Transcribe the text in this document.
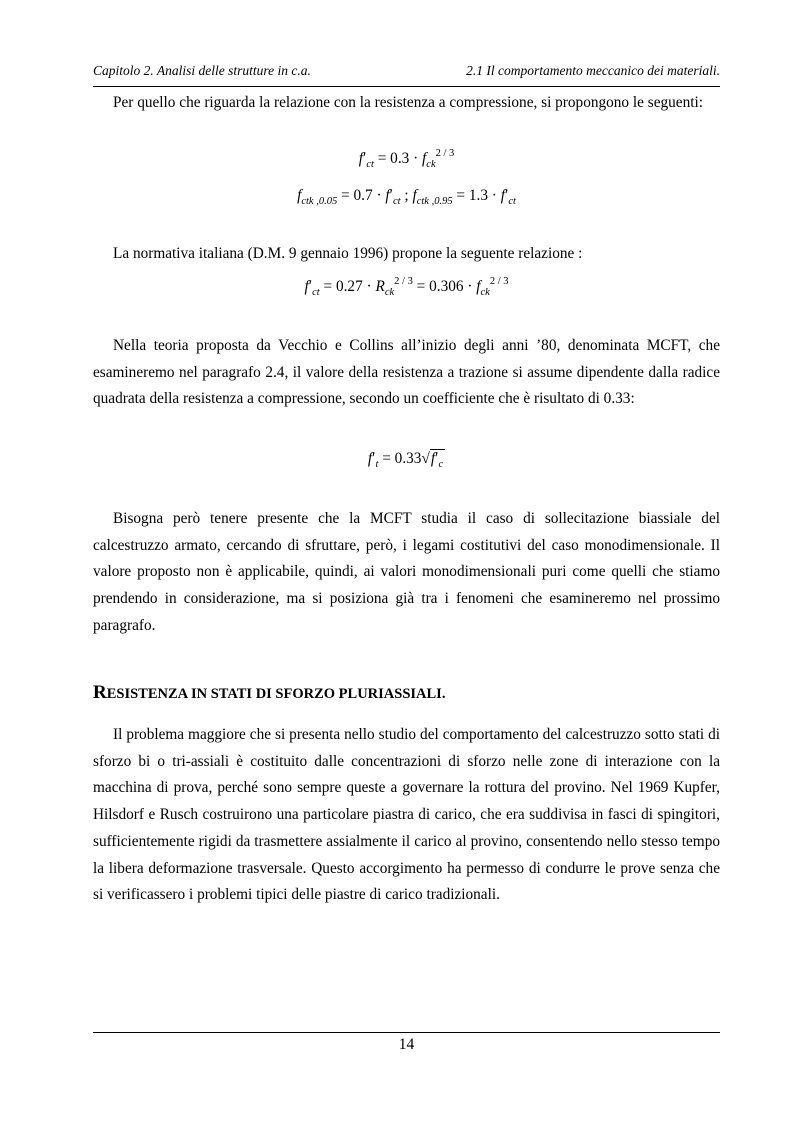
Capitolo 2. Analisi delle strutture in c.a.	2.1 Il comportamento meccanico dei materiali.

Per quello che riguarda la relazione con la resistenza a compressione, si propongono le seguenti:

$f'_{ct} = 0.3 \cdot f_{ck}^{2 / 3}$
$f_{ctk ,0.05} = 0.7 \cdot f'_{ct}$ ; $f_{ctk ,0.95} = 1.3 \cdot f'_{ct}$

La normativa italiana (D.M. 9 gennaio 1996) propone la seguente relazione :

$f'_{ct} = 0.27 \cdot R_{ck}^{2 / 3} = 0.306 \cdot f_{ck}^{2 / 3}$

Nella teoria proposta da Vecchio e Collins all’inizio degli anni ’80, denominata MCFT, che esamineremo nel paragrafo 2.4, il valore della resistenza a trazione si assume dipendente dalla radice quadrata della resistenza a compressione, secondo un coefficiente che è risultato di 0.33:

$f'_t = 0.33√f'_c$

Bisogna però tenere presente che la MCFT studia il caso di sollecitazione biassiale del calcestruzzo armato, cercando di sfruttare, però, i legami costitutivi del caso monodimensionale. Il valore proposto non è applicabile, quindi, ai valori monodimensionali puri come quelli che stiamo prendendo in considerazione, ma si posiziona già tra i fenomeni che esamineremo nel prossimo paragrafo.

RESISTENZA IN STATI DI SFORZO PLURIASSIALI.

Il problema maggiore che si presenta nello studio del comportamento del calcestruzzo sotto stati di sforzo bi o tri-assiali è costituito dalle concentrazioni di sforzo nelle zone di interazione con la macchina di prova, perché sono sempre queste a governare la rottura del provino. Nel 1969 Kupfer, Hilsdorf e Rusch costruirono una particolare piastra di carico, che era suddivisa in fasci di spingitori, sufficientemente rigidi da trasmettere assialmente il carico al provino, consentendo nello stesso tempo la libera deformazione trasversale. Questo accorgimento ha permesso di condurre le prove senza che si verificassero i problemi tipici delle piastre di carico tradizionali.

14
